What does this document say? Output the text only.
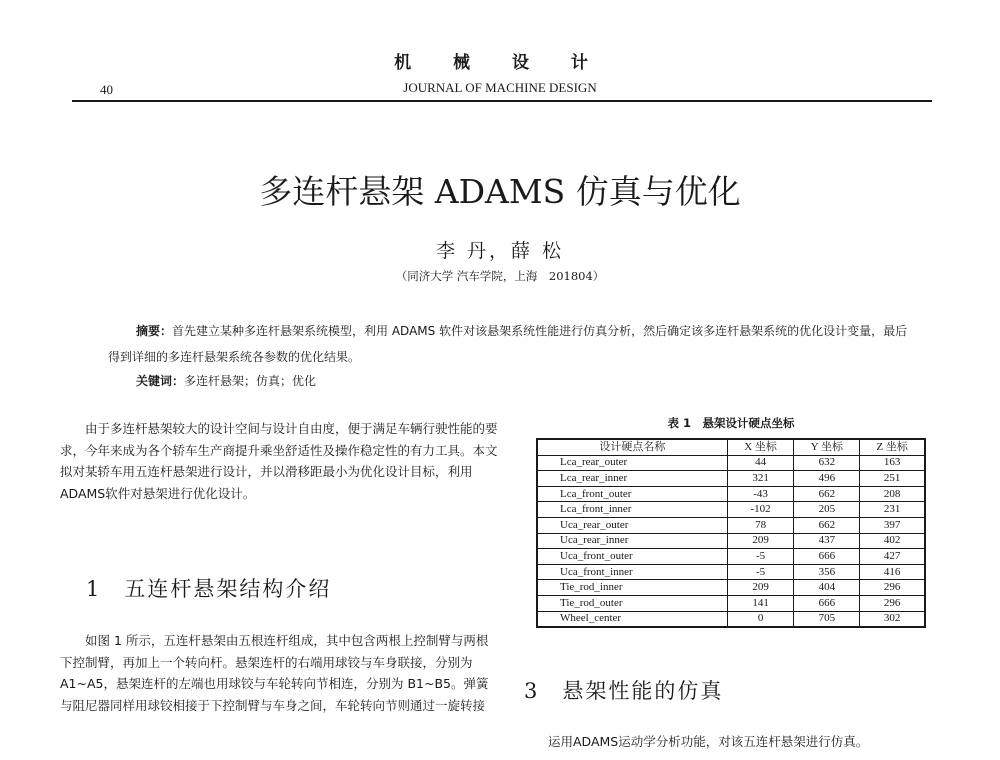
机 械 设 计
40	JOURNAL OF MACHINE DESIGN
多连杆悬架 ADAMS 仿真与优化
李 丹，薛 松
（同济大学 汽车学院，上海　201804）
摘要：首先建立某种多连杆悬架系统模型，利用 ADAMS 软件对该悬架系统性能进行仿真分析，然后确定该多连杆悬架系统的优化设计变量，最后得到详细的多连杆悬架系统各参数的优化结果。
关键词：多连杆悬架；仿真；优化

由于多连杆悬架较大的设计空间与设计自由度，便于满足车辆行驶性能的要求，今年来成为各个轿车生产商提升乘坐舒适性及操作稳定性的有力工具。本文拟对某轿车用五连杆悬架进行设计，并以滑移距最小为优化设计目标，利用ADAMS软件对悬架进行优化设计。

1　五连杆悬架结构介绍

如图 1 所示，五连杆悬架由五根连杆组成，其中包含两根上控制臂与两根下控制臂，再加上一个转向杆。悬架连杆的右端用球铰与车身联接，分别为 A1~A5，悬架连杆的左端也用球铰与车轮转向节相连，分别为 B1~B5。弹簧与阻尼器同样用球铰相接于下控制臂与车身之间，车轮转向节则通过一旋转接

表 1　悬架设计硬点坐标
设计硬点名称	X 坐标	Y 坐标	Z 坐标
Lca_rear_outer	44	632	163
Lca_rear_inner	321	496	251
Lca_front_outer	-43	662	208
Lca_front_inner	-102	205	231
Uca_rear_outer	78	662	397
Uca_rear_inner	209	437	402
Uca_front_outer	-5	666	427
Uca_front_inner	-5	356	416
Tie_rod_inner	209	404	296
Tie_rod_outer	141	666	296
Wheel_center	0	705	302
3　悬架性能的仿真
运用ADAMS运动学分析功能，对该五连杆悬架进行仿真。
